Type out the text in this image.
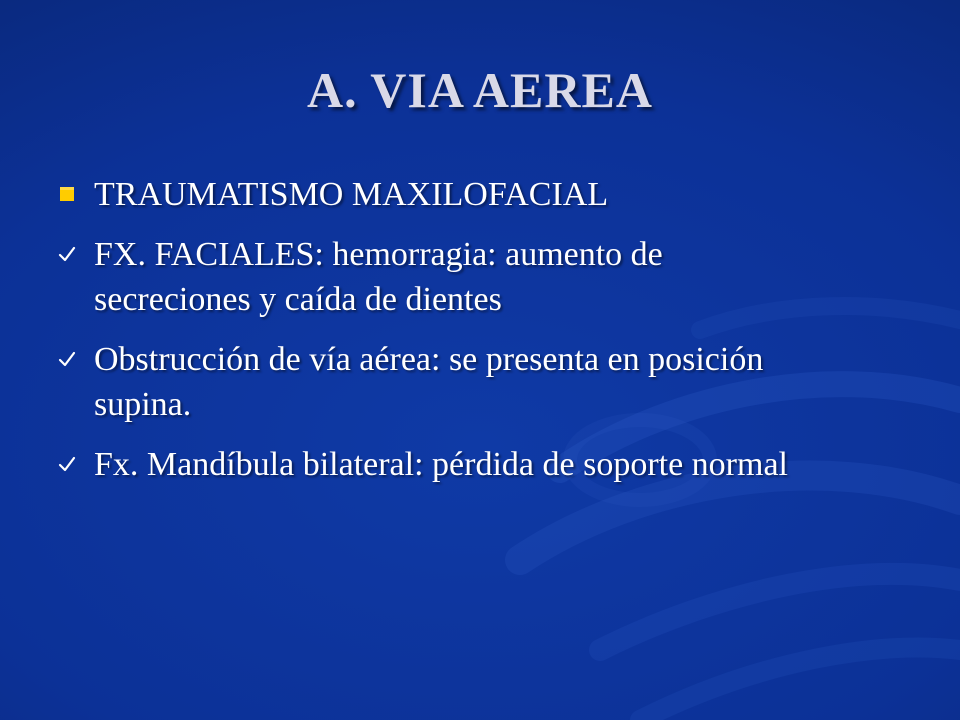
A. VIA AEREA
TRAUMATISMO MAXILOFACIAL
FX. FACIALES: hemorragia: aumento de secreciones y caída de dientes
Obstrucción de vía aérea: se presenta en posición supina.
Fx. Mandíbula bilateral: pérdida de soporte normal
